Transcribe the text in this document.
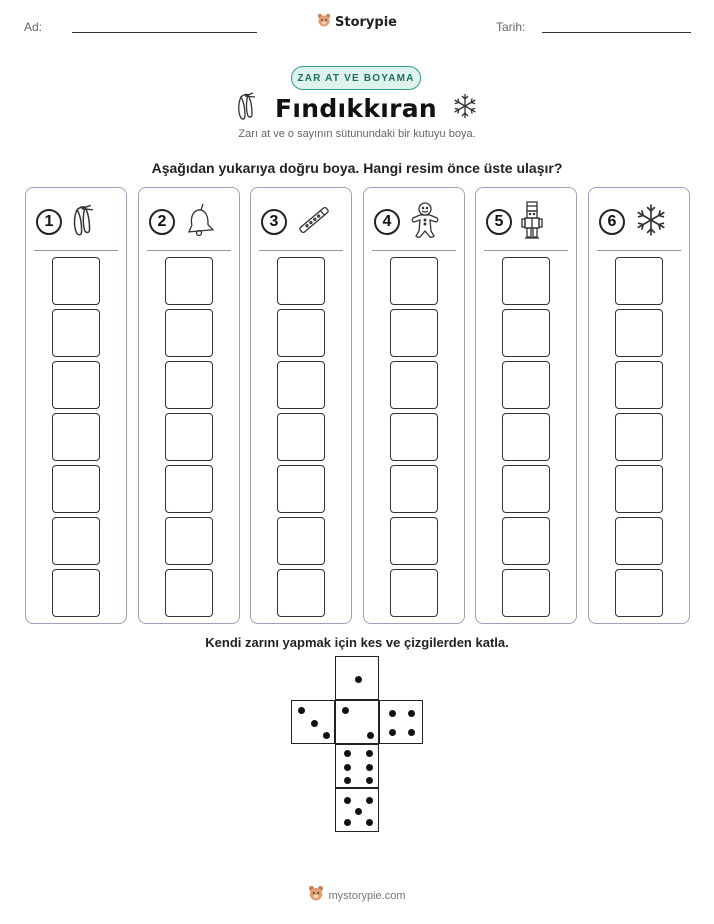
Ad:	Storypie	Tarih:
ZAR AT VE BOYAMA
Fındıkkıran
Zarı at ve o sayının sütunundaki bir kutuyu boya.
Aşağıdan yukarıya doğru boya. Hangi resim önce üste ulaşır?
1	2	3	4	5	6
Kendi zarını yapmak için kes ve çizgilerden katla.
mystorypie.com
